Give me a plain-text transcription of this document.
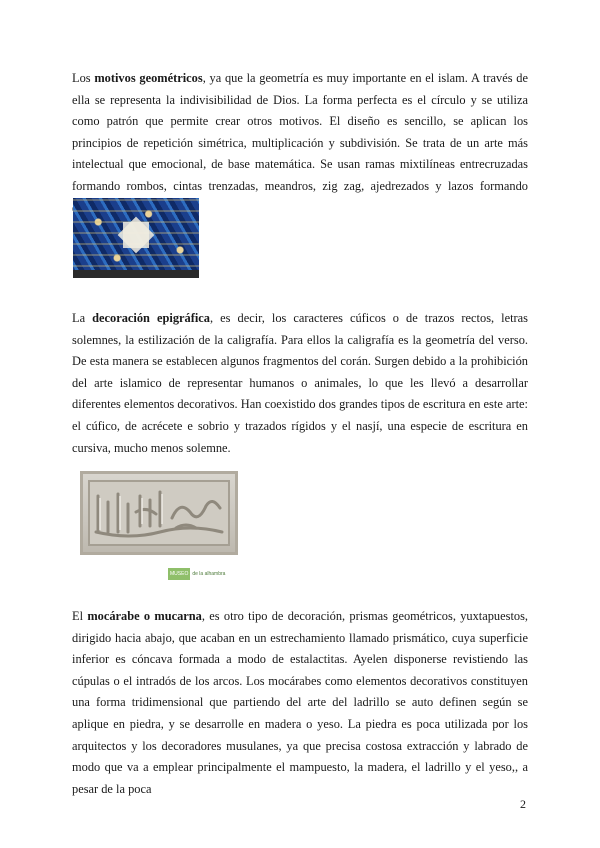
Los motivos geométricos, ya que la geometría es muy importante en el islam. A través de ella se representa la indivisibilidad de Dios. La forma perfecta es el círculo y se utiliza como patrón que permite crear otros motivos. El diseño es sencillo, se aplican los principios de repetición simétrica, multiplicación y subdivisión. Se trata de un arte más intelectual que emocional, de base matemática. Se usan ramas mixtilíneas entrecruzadas formando rombos, cintas trenzadas, meandros, zig zag, ajedrezados y lazos formando
La decoración epigráfica, es decir, los caracteres cúficos o de trazos rectos, letras solemnes, la estilización de la caligrafía. Para ellos la caligrafía es la geometría del verso. De esta manera se establecen algunos fragmentos del corán. Surgen debido a la prohibición del arte islamico de representar humanos o animales, lo que les llevó a desarrollar diferentes elementos decorativos. Han coexistido dos grandes tipos de escritura en este arte: el cúfico, de acrécete e sobrio y trazados rígidos y el nasjí, una especie de escritura en cursiva, mucho menos solemne.
MUSEO de la alhambra
El mocárabe o mucarna, es otro tipo de decoración, prismas geométricos, yuxtapuestos, dirigido hacia abajo, que acaban en un estrechamiento llamado prismático, cuya superficie inferior es cóncava formada a modo de estalactitas. Ayelen disponerse revistiendo las cúpulas o el intradós de los arcos. Los mocárabes como elementos decorativos constituyen una forma tridimensional que partiendo del arte del ladrillo se auto definen según se aplique en piedra, y se desarrolle en madera o yeso. La piedra es poca utilizada por los arquitectos y los decoradores musulanes, ya que precisa costosa extracción y labrado de modo que va a emplear principalmente el mampuesto, la madera, el ladrillo y el yeso,, a pesar de la poca
2
